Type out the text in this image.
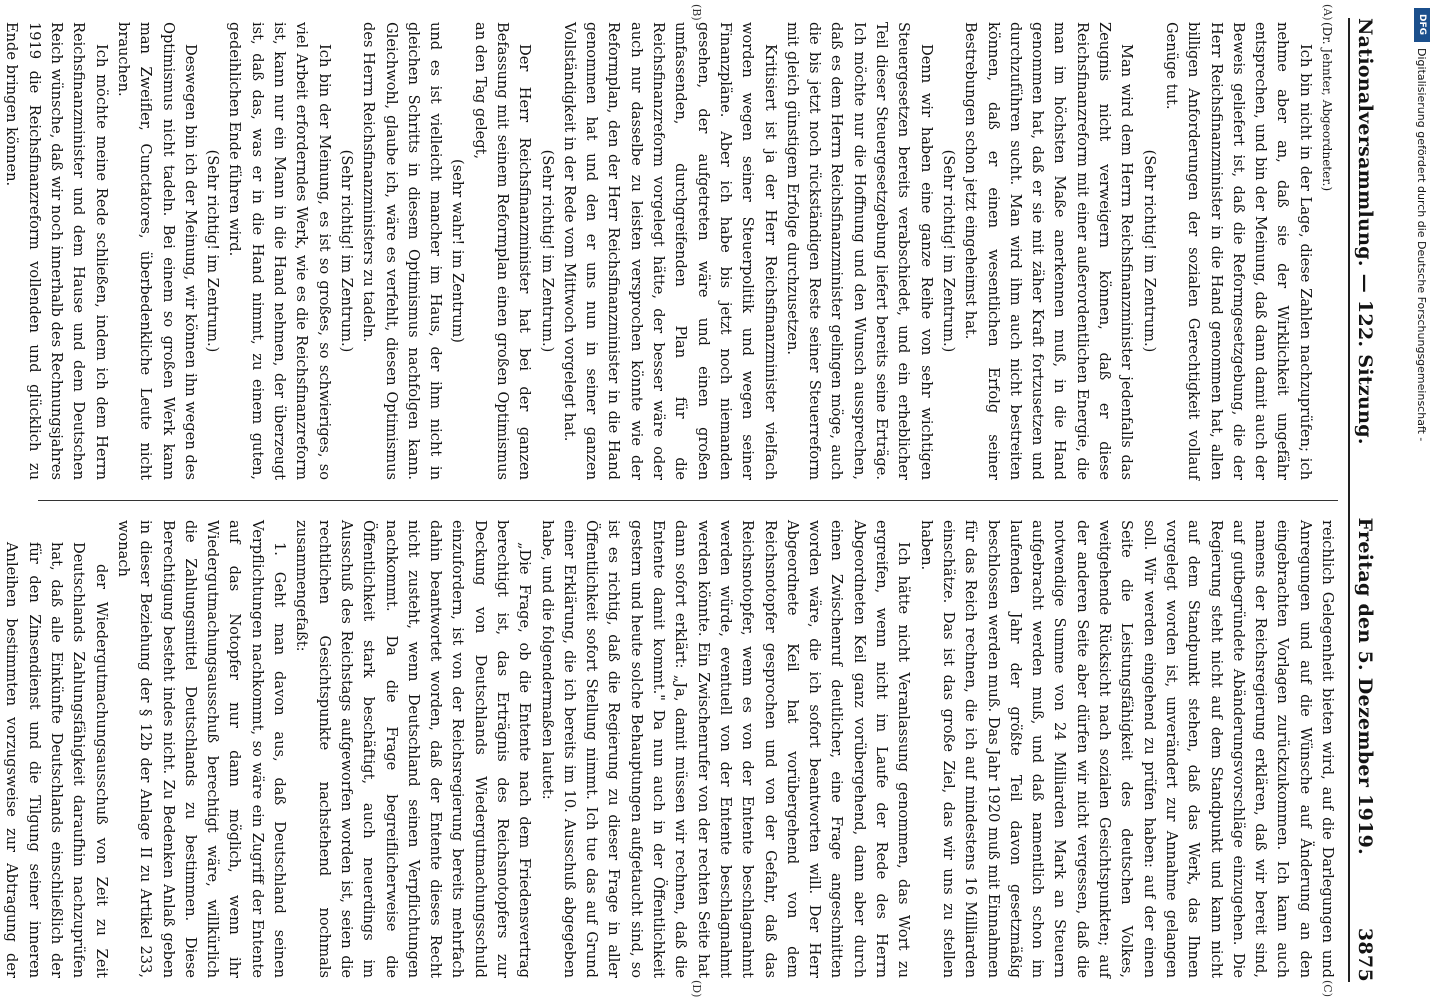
Nationalversammlung. — 122. Sitzung.
Freitag den 5. Dezember 1919.
3875
(A)
(B)
(C)
(D)

(Dr. Jehnter, Abgeordneter.)

Ich bin nicht in der Lage, diese Zahlen nachzuprüfen; ich nehme aber an, daß sie der Wirklichkeit ungefähr entsprechen, und bin der Meinung, daß dann damit auch der Beweis geliefert ist, daß die Reformgesetzgebung, die der Herr Reichsfinanzminister in die Hand genommen hat, allen billigen Anforderungen der sozialen Gerechtigkeit vollauf Genüge tut.

(Sehr richtig! im Zentrum.)

Man wird dem Herrn Reichsfinanzminister jedenfalls das Zeugnis nicht verweigern können, daß er diese Reichsfinanzreform mit einer außerordentlichen Energie, die man im höchsten Maße anerkennen muß, in die Hand genommen hat, daß er sie mit zäher Kraft fortzusetzen und durchzuführen sucht. Man wird ihm auch nicht bestreiten können, daß er einen wesentlichen Erfolg seiner Bestrebungen schon jetzt eingeheimst hat.

(Sehr richtig! im Zentrum.)

Denn wir haben eine ganze Reihe von sehr wichtigen Steuergesetzen bereits verabschiedet, und ein erheblicher Teil dieser Steuergesetzgebung liefert bereits seine Erträge. Ich möchte nur die Hoffnung und den Wunsch aussprechen, daß es dem Herrn Reichsfinanzminister gelingen möge, auch die bis jetzt noch rückständigen Reste seiner Steuerreform mit gleich günstigem Erfolge durchzusetzen.

Kritisiert ist ja der Herr Reichsfinanzminister vielfach worden wegen seiner Steuerpolitik und wegen seiner Finanzpläne. Aber ich habe bis jetzt noch niemanden gesehen, der aufgetreten wäre und einen großen umfassenden, durchgreifenden Plan für die Reichsfinanzreform vorgelegt hätte, der besser wäre oder auch nur dasselbe zu leisten versprochen könnte wie der Reformplan, den der Herr Reichsfinanzminister in die Hand genommen hat und den er uns nun in seiner ganzen Vollständigkeit in der Rede vom Mittwoch vorgelegt hat.

(Sehr richtig! im Zentrum.)

Der Herr Reichsfinanzminister hat bei der ganzen Befassung mit seinem Reformplan einen großen Optimismus an den Tag gelegt,

(sehr wahr! im Zentrum)

und es ist vielleicht mancher im Haus, der ihm nicht in gleichen Schritts in diesem Optimismus nachfolgen kann. Gleichwohl, glaube ich, wäre es verfehlt, diesen Optimismus des Herrn Reichsfinanzministers zu tadeln.

(Sehr richtig! im Zentrum.)

Ich bin der Meinung, es ist so großes, so schwieriges, so viel Arbeit erforderndes Werk, wie es die Reichsfinanzreform ist, kann nur ein Mann in die Hand nehmen, der überzeugt ist, daß das, was er in die Hand nimmt, zu einem guten, gedeihlichen Ende führen wird.

(Sehr richtig! im Zentrum.)

Deswegen bin ich der Meinung, wir können ihn wegen des Optimismus nicht tadeln. Bei einem so großen Werk kann man Zweifler, Cunctatores, überbedenkliche Leute nicht brauchen.

Ich möchte meine Rede schließen, indem ich dem Herrn Reichsfinanzminister und dem Hause und dem Deutschen Reich wünsche, daß wir noch innerhalb des Rechnungsjahres 1919 die Reichsfinanzreform vollenden und glücklich zu Ende bringen können.

reichlich Gelegenheit bieten wird, auf die Darlegungen und Anregungen und auf die Wünsche auf Änderung an den eingebrachten Vorlagen zurückzukommen. Ich kann auch namens der Reichsregierung erklären, daß wir bereit sind, auf gutbegründete Abänderungsvorschläge einzugehen. Die Regierung steht nicht auf dem Standpunkt und kann nicht auf dem Standpunkt stehen, daß das Werk, das Ihnen vorgelegt worden ist, unverändert zur Annahme gelangen soll. Wir werden eingehend zu prüfen haben: auf der einen Seite die Leistungsfähigkeit des deutschen Volkes, weitgehende Rücksicht nach sozialen Gesichtspunkten; auf der anderen Seite aber dürfen wir nicht vergessen, daß die notwendige Summe von 24 Milliarden Mark an Steuern aufgebracht werden muß, und daß namentlich schon im laufenden Jahr der größte Teil davon gesetzmäßig beschlossen werden muß. Das Jahr 1920 muß mit Einnahmen für das Reich rechnen, die ich auf mindestens 16 Milliarden einschätze. Das ist das große Ziel, das wir uns zu stellen haben.

Ich hätte nicht Veranlassung genommen, das Wort zu ergreifen, wenn nicht im Laufe der Rede des Herrn Abgeordneten Keil ganz vorübergehend, dann aber durch einen Zwischenruf deutlicher, eine Frage angeschnitten worden wäre, die ich sofort beantworten will. Der Herr Abgeordnete Keil hat vorübergehend von dem Reichsnotopfer gesprochen und von der Gefahr, daß das Reichsnotopfer, wenn es von der Entente beschlagnahmt werden würde, eventuell von der Entente beschlagnahmt werden könnte. Ein Zwischenrufer von der rechten Seite hat dann sofort erklärt: „Ja, damit müssen wir rechnen, daß die Entente damit kommt." Da nun auch in der Öffentlichkeit gestern und heute solche Behauptungen aufgetaucht sind, so ist es richtig, daß die Regierung zu dieser Frage in aller Öffentlichkeit sofort Stellung nimmt. Ich tue das auf Grund einer Erklärung, die ich bereits im 10. Ausschuß abgegeben habe, und die folgendermaßen lautet:

„Die Frage, ob die Entente nach dem Friedensvertrag berechtigt ist, das Erträgnis des Reichsnotopfers zur Deckung von Deutschlands Wiedergutmachungsschuld einzufordern, ist von der Reichsregierung bereits mehrfach dahin beantwortet worden, daß der Entente dieses Recht nicht zusteht, wenn Deutschland seinen Verpflichtungen nachkommt. Da die Frage begreiflicherweise die Öffentlichkeit stark beschäftigt, auch neuerdings im Ausschuß des Reichstags aufgeworfen worden ist, seien die rechtlichen Gesichtspunkte nachstehend nochmals zusammengefaßt:

1. Geht man davon aus, daß Deutschland seinen Verpflichtungen nachkommt, so wäre ein Zugriff der Entente auf das Notopfer nur dann möglich, wenn ihr Wiedergutmachungsausschuß berechtigt wäre, willkürlich die Zahlungsmittel Deutschlands zu bestimmen. Diese Berechtigung besteht indes nicht. Zu Bedenken Anlaß geben in dieser Beziehung der § 12b der Anlage II zu Artikel 233, wonach

der Wiedergutmachungsausschuß von Zeit zu Zeit Deutschlands Zahlungsfähigkeit daraufhin nachzuprüfen hat, daß alle Einkünfte Deutschlands einschließlich der für den Zinsendienst und die Tilgung seiner inneren Anleihen bestimmten vorzugsweise zur Abtragung der

DFG
Digitalisierung gefördert durch die Deutsche Forschungsgemeinschaft -
